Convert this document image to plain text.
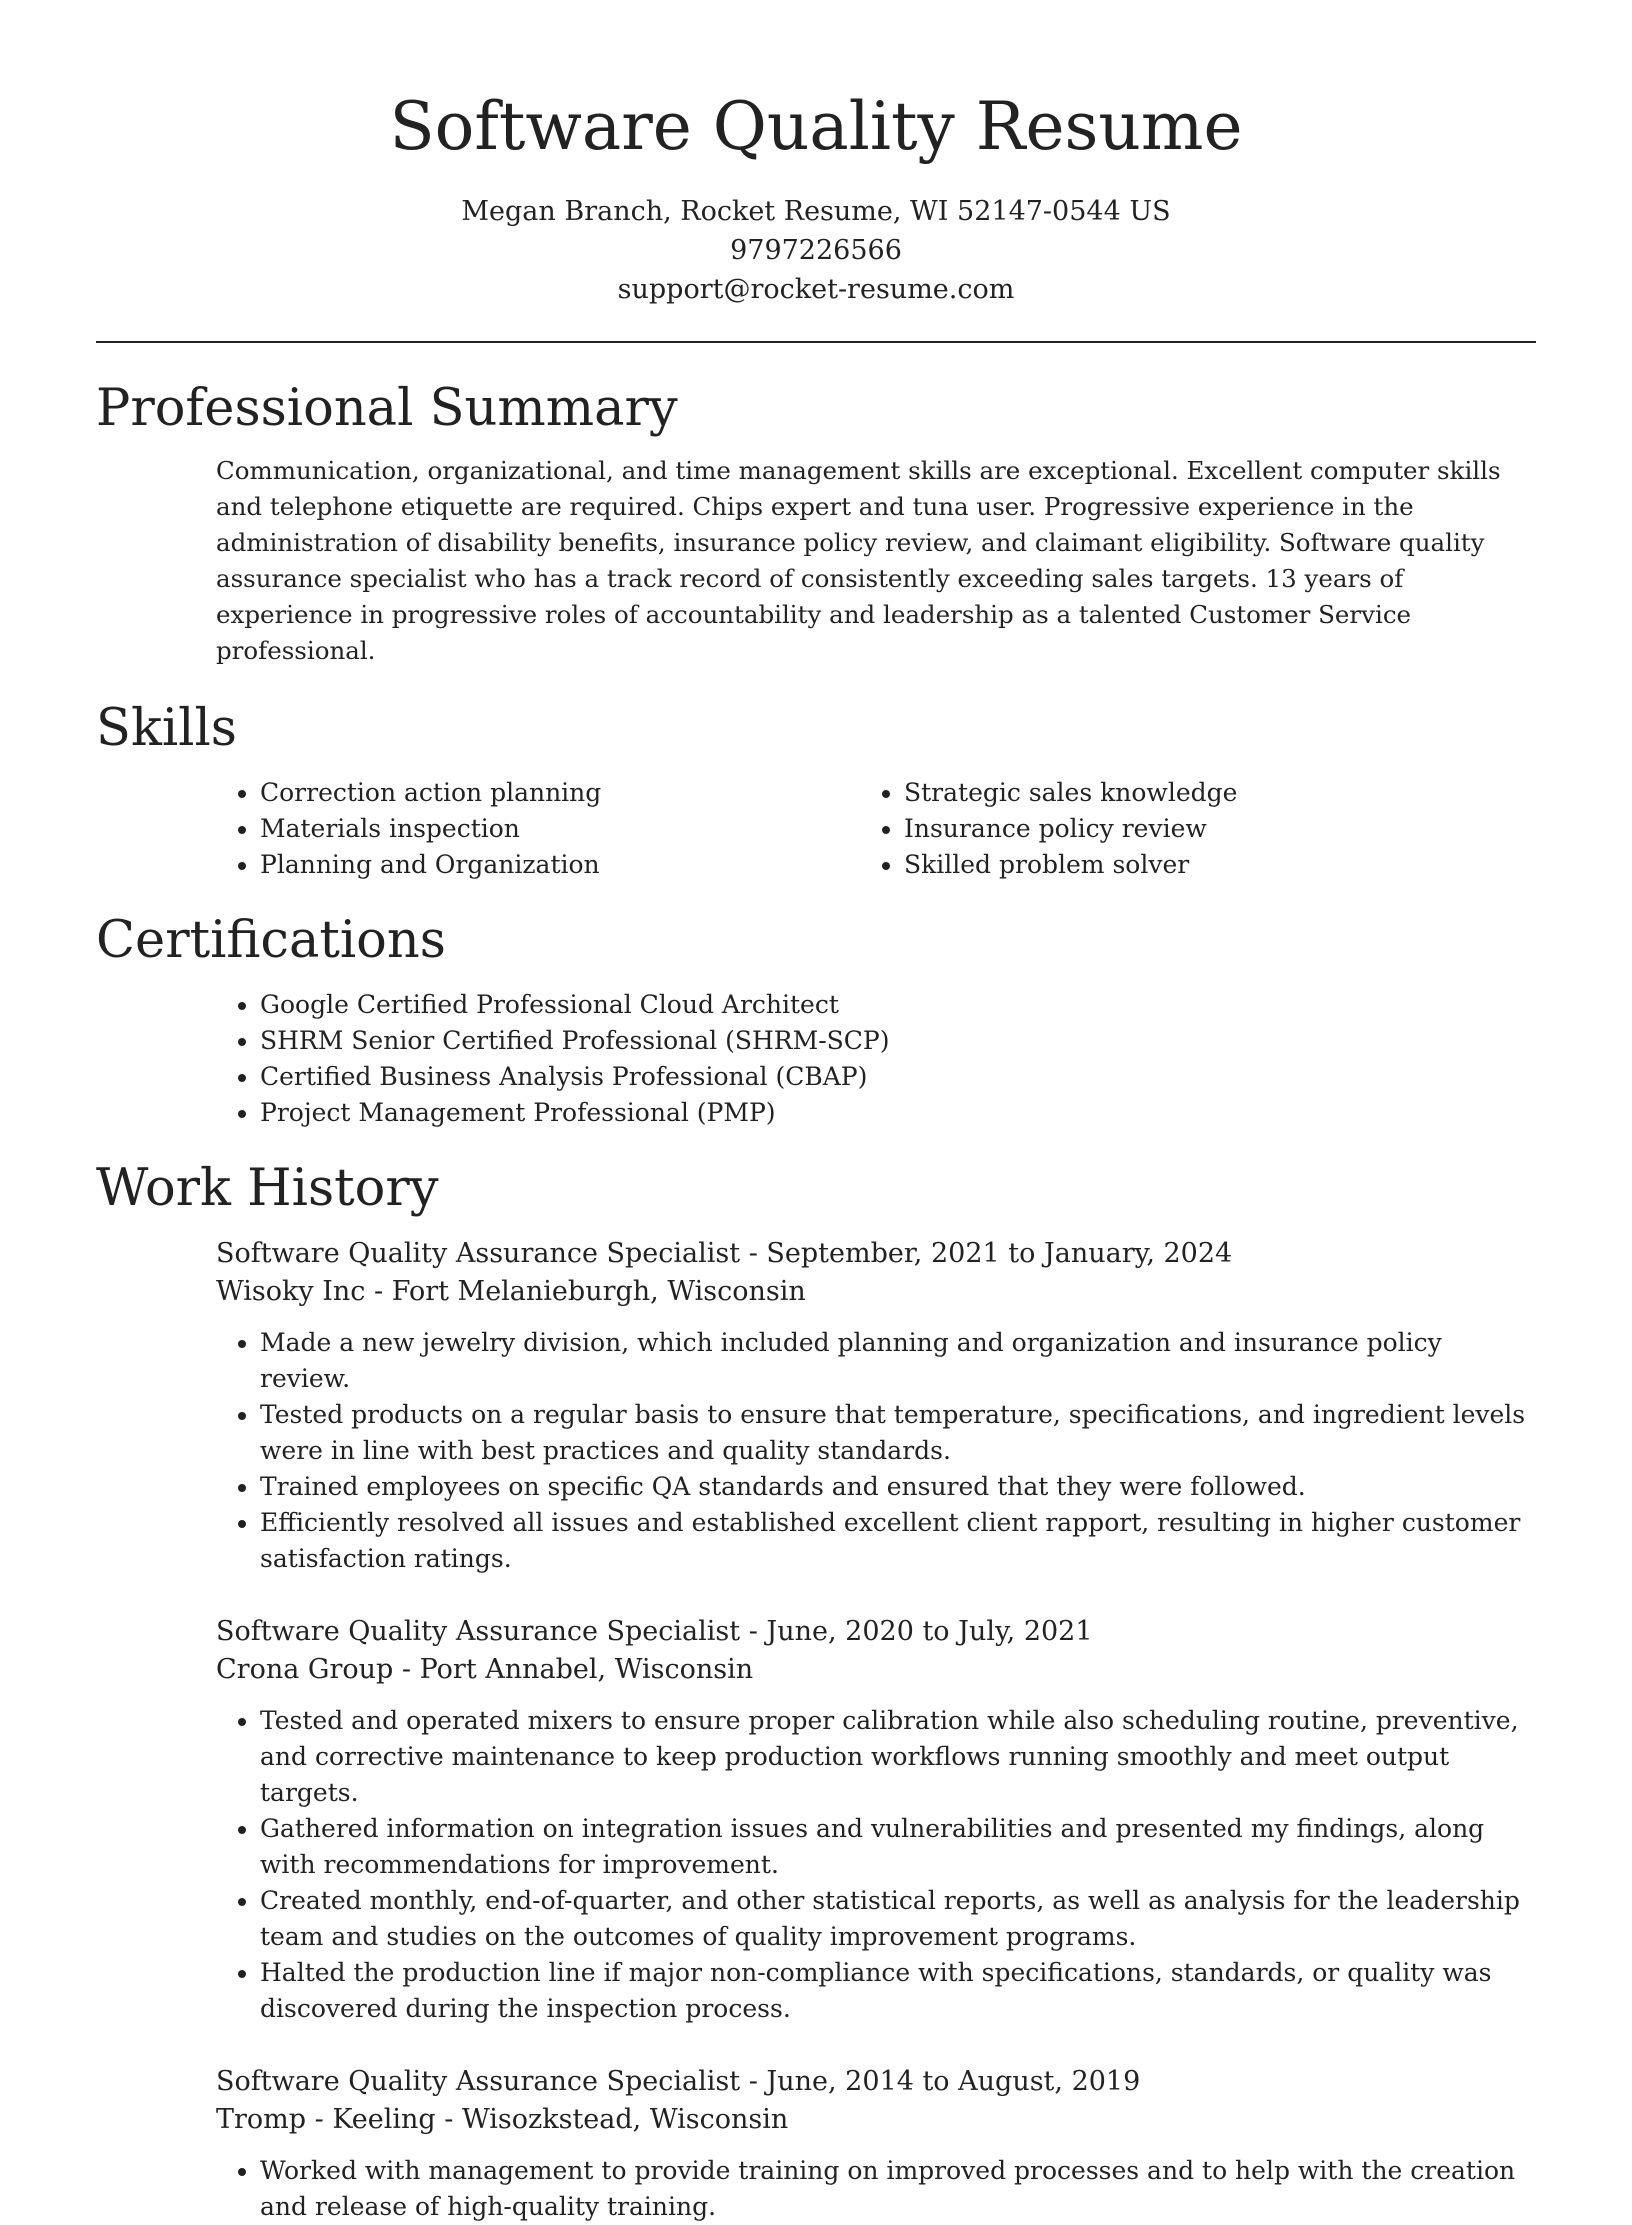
Software Quality Resume
Megan Branch, Rocket Resume, WI 52147-0544 US
9797226566
support@rocket-resume.com
Professional Summary

Communication, organizational, and time management skills are exceptional. Excellent computer skills and telephone etiquette are required. Chips expert and tuna user. Progressive experience in the administration of disability benefits, insurance policy review, and claimant eligibility. Software quality assurance specialist who has a track record of consistently exceeding sales targets. 13 years of experience in progressive roles of accountability and leadership as a talented Customer Service professional.

Skills
• Correction action planning
• Materials inspection
• Planning and Organization
• Strategic sales knowledge
• Insurance policy review
• Skilled problem solver
Certifications
• Google Certified Professional Cloud Architect
• SHRM Senior Certified Professional (SHRM-SCP)
• Certified Business Analysis Professional (CBAP)
• Project Management Professional (PMP)
Work History
Software Quality Assurance Specialist - September, 2021 to January, 2024
Wisoky Inc - Fort Melanieburgh, Wisconsin
• Made a new jewelry division, which included planning and organization and insurance policy review.
• Tested products on a regular basis to ensure that temperature, specifications, and ingredient levels were in line with best practices and quality standards.
• Trained employees on specific QA standards and ensured that they were followed.
• Efficiently resolved all issues and established excellent client rapport, resulting in higher customer satisfaction ratings.
Software Quality Assurance Specialist - June, 2020 to July, 2021
Crona Group - Port Annabel, Wisconsin
• Tested and operated mixers to ensure proper calibration while also scheduling routine, preventive, and corrective maintenance to keep production workflows running smoothly and meet output targets.
• Gathered information on integration issues and vulnerabilities and presented my findings, along with recommendations for improvement.
• Created monthly, end-of-quarter, and other statistical reports, as well as analysis for the leadership team and studies on the outcomes of quality improvement programs.
• Halted the production line if major non-compliance with specifications, standards, or quality was discovered during the inspection process.
Software Quality Assurance Specialist - June, 2014 to August, 2019
Tromp - Keeling - Wisozkstead, Wisconsin
• Worked with management to provide training on improved processes and to help with the creation and release of high-quality training.
